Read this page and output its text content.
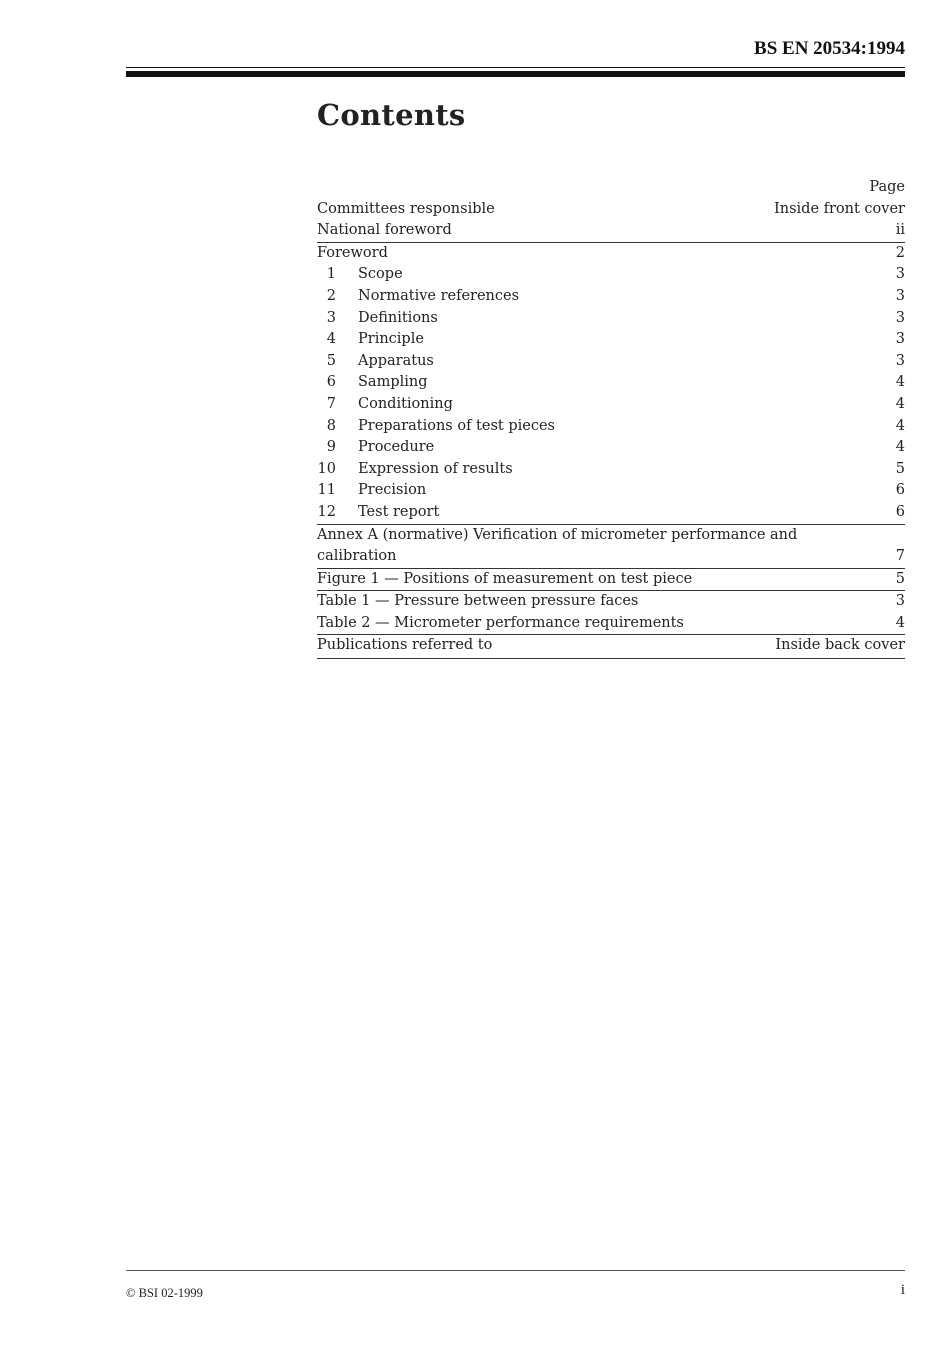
BS EN 20534:1994
Contents
Page
Committees responsible	Inside front cover
National foreword	ii
Foreword	2
1 Scope	3
2 Normative references	3
3 Definitions	3
4 Principle	3
5 Apparatus	3
6 Sampling	4
7 Conditioning	4
8 Preparations of test pieces	4
9 Procedure	4
10 Expression of results	5
11 Precision	6
12 Test report	6
Annex A (normative) Verification of micrometer performance and calibration	7
Figure 1 — Positions of measurement on test piece	5
Table 1 — Pressure between pressure faces	3
Table 2 — Micrometer performance requirements	4
Publications referred to	Inside back cover
© BSI 02-1999	i
